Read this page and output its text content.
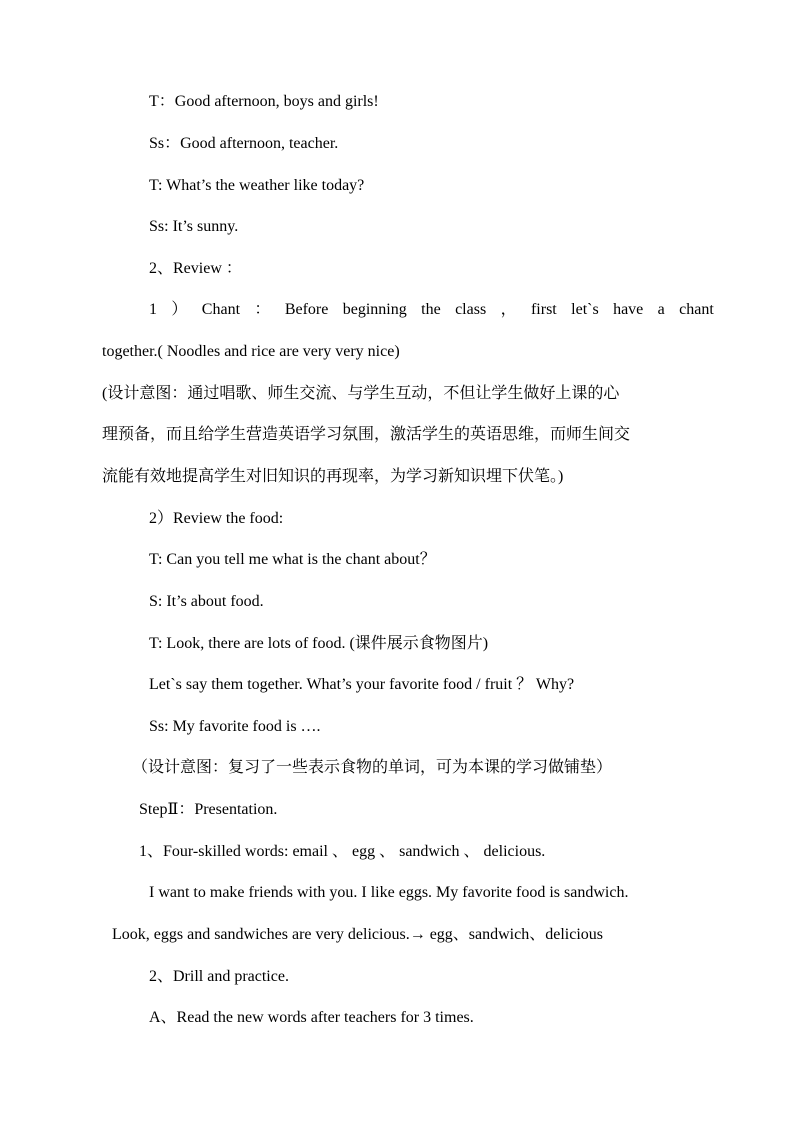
T：Good afternoon, boys and girls!
Ss：Good afternoon, teacher.
T: What’s the weather like today?
Ss: It’s sunny.
2、Review ：
1 ） Chant ： Before beginning the class ， first let`s have a chant
together.( Noodles and rice are very very nice)
(设计意图：通过唱歌、师生交流、与学生互动，不但让学生做好上课的心
理预备，而且给学生营造英语学习氛围，激活学生的英语思维，而师生间交
流能有效地提高学生对旧知识的再现率，为学习新知识埋下伏笔。)
2）Review the food:
T: Can you tell me what is the chant about？
S: It’s about food.
T: Look, there are lots of food. (课件展示食物图片)
Let`s say them together. What’s your favorite food / fruit ？ Why?
Ss: My favorite food is ….
（设计意图：复习了一些表示食物的单词，可为本课的学习做铺垫）
StepⅡ：Presentation.
1、Four-skilled words: email 、 egg 、 sandwich 、 delicious.
I want to make friends with you. I like eggs. My favorite food is sandwich.
Look, eggs and sandwiches are very delicious.→ egg、sandwich、delicious
2、Drill and practice.
A、Read the new words after teachers for 3 times.
